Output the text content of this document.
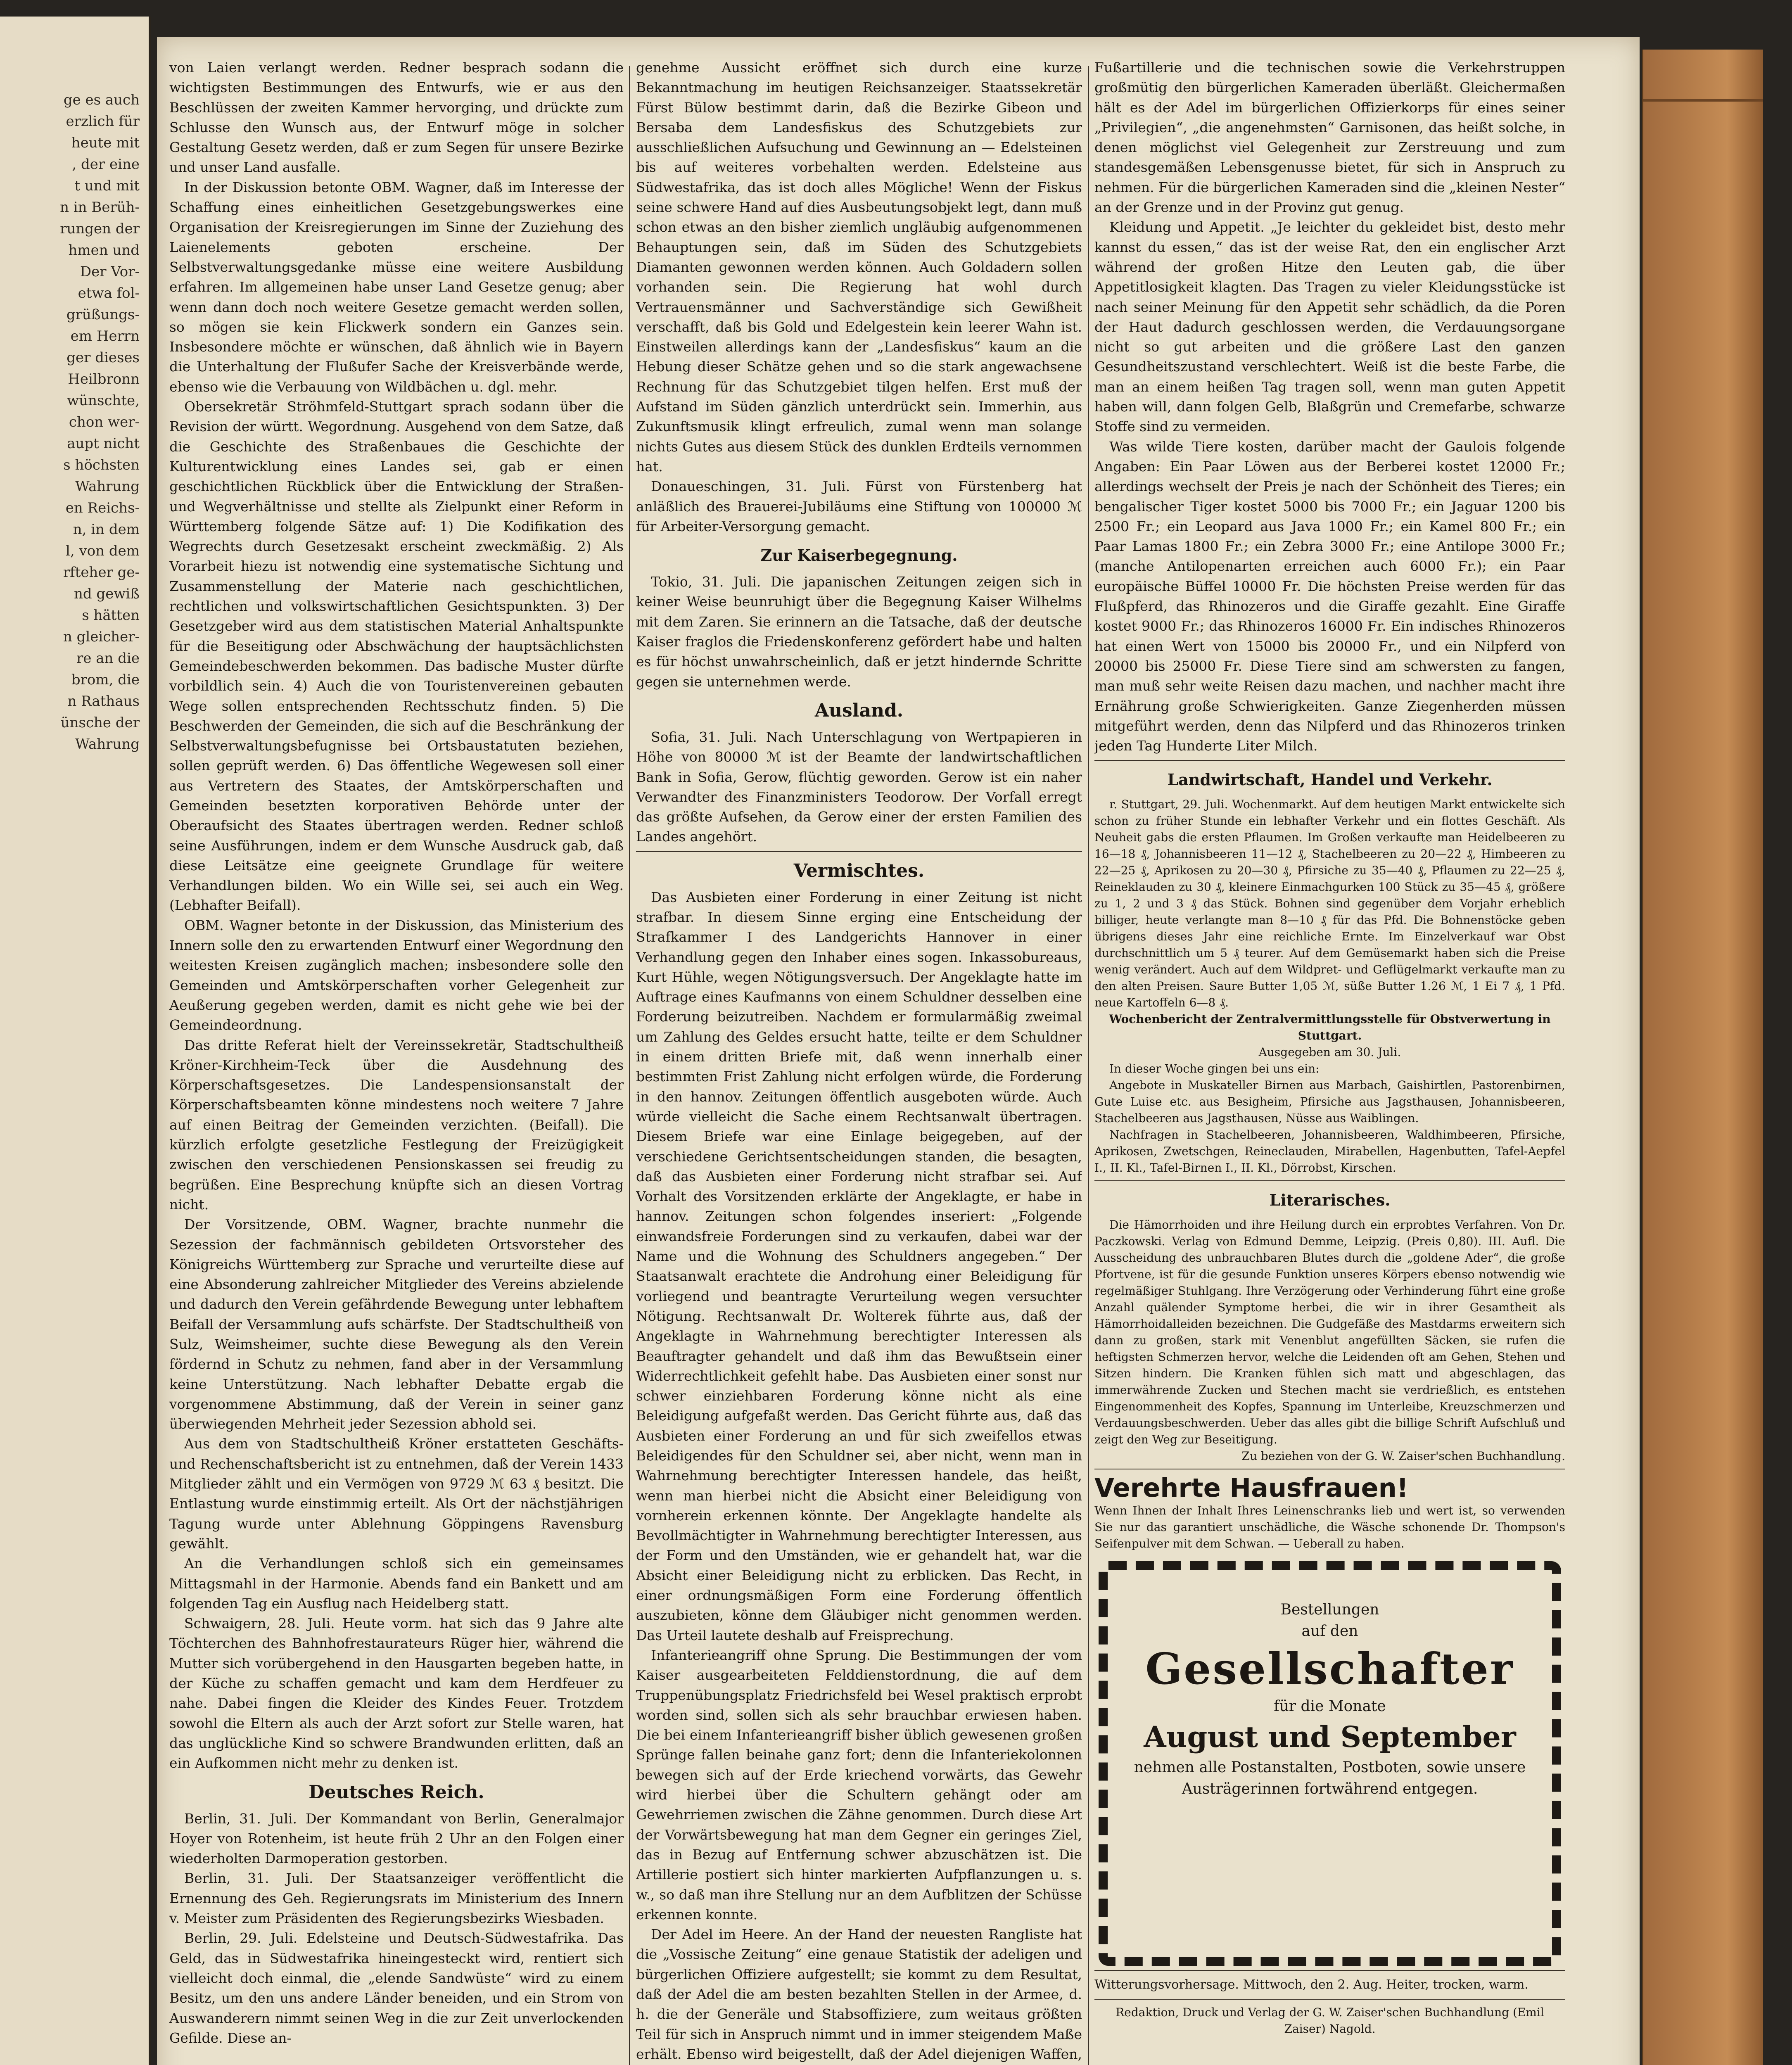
ge es auch
erzlich für
heute mit
, der eine
t und mit
n in Berüh-
rungen der
hmen und
Der Vor-
etwa fol-
grüßungs-
em Herrn
ger dieses
Heilbronn
wünschte,
chon wer-
aupt nicht
s höchsten
Wahrung
en Reichs-
n, in dem
l, von dem
rfteher ge-
nd gewiß
s hätten
n gleicher-
re an die
brom, die
n Rathaus
ünsche der
Wahrung

von Laien verlangt werden. Redner besprach sodann die wichtigsten Bestimmungen des Entwurfs, wie er aus den Beschlüssen der zweiten Kammer hervorging, und drückte zum Schlusse den Wunsch aus, der Entwurf möge in solcher Gestaltung Gesetz werden, daß er zum Segen für unsere Bezirke und unser Land ausfalle.

In der Diskussion betonte OBM. Wagner, daß im Interesse der Schaffung eines einheitlichen Gesetzgebungswerkes eine Organisation der Kreisregierungen im Sinne der Zuziehung des Laienelements geboten erscheine. Der Selbstverwaltungsgedanke müsse eine weitere Ausbildung erfahren. Im allgemeinen habe unser Land Gesetze genug; aber wenn dann doch noch weitere Gesetze gemacht werden sollen, so mögen sie kein Flickwerk sondern ein Ganzes sein. Insbesondere möchte er wünschen, daß ähnlich wie in Bayern die Unterhaltung der Flußufer Sache der Kreisverbände werde, ebenso wie die Verbauung von Wildbächen u. dgl. mehr.

Obersekretär Ströhmfeld-Stuttgart sprach sodann über die Revision der württ. Wegordnung. Ausgehend von dem Satze, daß die Geschichte des Straßenbaues die Geschichte der Kulturentwicklung eines Landes sei, gab er einen geschichtlichen Rückblick über die Entwicklung der Straßen- und Wegverhältnisse und stellte als Zielpunkt einer Reform in Württemberg folgende Sätze auf: 1) Die Kodifikation des Wegrechts durch Gesetzesakt erscheint zweckmäßig. 2) Als Vorarbeit hiezu ist notwendig eine systematische Sichtung und Zusammenstellung der Materie nach geschichtlichen, rechtlichen und volkswirtschaftlichen Gesichtspunkten. 3) Der Gesetzgeber wird aus dem statistischen Material Anhaltspunkte für die Beseitigung oder Abschwächung der hauptsächlichsten Gemeindebeschwerden bekommen. Das badische Muster dürfte vorbildlich sein. 4) Auch die von Touristenvereinen gebauten Wege sollen entsprechenden Rechtsschutz finden. 5) Die Beschwerden der Gemeinden, die sich auf die Beschränkung der Selbstverwaltungsbefugnisse bei Ortsbaustatuten beziehen, sollen geprüft werden. 6) Das öffentliche Wegewesen soll einer aus Vertretern des Staates, der Amtskörperschaften und Gemeinden besetzten korporativen Behörde unter der Oberaufsicht des Staates übertragen werden. Redner schloß seine Ausführungen, indem er dem Wunsche Ausdruck gab, daß diese Leitsätze eine geeignete Grundlage für weitere Verhandlungen bilden. Wo ein Wille sei, sei auch ein Weg. (Lebhafter Beifall).

OBM. Wagner betonte in der Diskussion, das Ministerium des Innern solle den zu erwartenden Entwurf einer Wegordnung den weitesten Kreisen zugänglich machen; insbesondere solle den Gemeinden und Amtskörperschaften vorher Gelegenheit zur Aeußerung gegeben werden, damit es nicht gehe wie bei der Gemeindeordnung.

Das dritte Referat hielt der Vereinssekretär, Stadtschultheiß Kröner-Kirchheim-Teck über die Ausdehnung des Körperschaftsgesetzes. Die Landespensionsanstalt der Körperschaftsbeamten könne mindestens noch weitere 7 Jahre auf einen Beitrag der Gemeinden verzichten. (Beifall). Die kürzlich erfolgte gesetzliche Festlegung der Freizügigkeit zwischen den verschiedenen Pensionskassen sei freudig zu begrüßen. Eine Besprechung knüpfte sich an diesen Vortrag nicht.

Der Vorsitzende, OBM. Wagner, brachte nunmehr die Sezession der fachmännisch gebildeten Ortsvorsteher des Königreichs Württemberg zur Sprache und verurteilte diese auf eine Absonderung zahlreicher Mitglieder des Vereins abzielende und dadurch den Verein gefährdende Bewegung unter lebhaftem Beifall der Versammlung aufs schärfste. Der Stadtschultheiß von Sulz, Weimsheimer, suchte diese Bewegung als den Verein fördernd in Schutz zu nehmen, fand aber in der Versammlung keine Unterstützung. Nach lebhafter Debatte ergab die vorgenommene Abstimmung, daß der Verein in seiner ganz überwiegenden Mehrheit jeder Sezession abhold sei.

Aus dem von Stadtschultheiß Kröner erstatteten Geschäfts- und Rechenschaftsbericht ist zu entnehmen, daß der Verein 1433 Mitglieder zählt und ein Vermögen von 9729 ℳ 63 ₰ besitzt. Die Entlastung wurde einstimmig erteilt. Als Ort der nächstjährigen Tagung wurde unter Ablehnung Göppingens Ravensburg gewählt.

An die Verhandlungen schloß sich ein gemeinsames Mittagsmahl in der Harmonie. Abends fand ein Bankett und am folgenden Tag ein Ausflug nach Heidelberg statt.

Schwaigern, 28. Juli. Heute vorm. hat sich das 9 Jahre alte Töchterchen des Bahnhofrestaurateurs Rüger hier, während die Mutter sich vorübergehend in den Hausgarten begeben hatte, in der Küche zu schaffen gemacht und kam dem Herdfeuer zu nahe. Dabei fingen die Kleider des Kindes Feuer. Trotzdem sowohl die Eltern als auch der Arzt sofort zur Stelle waren, hat das unglückliche Kind so schwere Brandwunden erlitten, daß an ein Aufkommen nicht mehr zu denken ist.

Deutsches Reich.

Berlin, 31. Juli. Der Kommandant von Berlin, Generalmajor Hoyer von Rotenheim, ist heute früh 2 Uhr an den Folgen einer wiederholten Darmoperation gestorben.

Berlin, 31. Juli. Der Staatsanzeiger veröffentlicht die Ernennung des Geh. Regierungsrats im Ministerium des Innern v. Meister zum Präsidenten des Regierungsbezirks Wiesbaden.

Berlin, 29. Juli. Edelsteine und Deutsch-Südwestafrika. Das Geld, das in Südwestafrika hineingesteckt wird, rentiert sich vielleicht doch einmal, die „elende Sandwüste“ wird zu einem Besitz, um den uns andere Länder beneiden, und ein Strom von Auswanderern nimmt seinen Weg in die zur Zeit unverlockenden Gefilde. Diese an-

genehme Aussicht eröffnet sich durch eine kurze Bekanntmachung im heutigen Reichsanzeiger. Staatssekretär Fürst Bülow bestimmt darin, daß die Bezirke Gibeon und Bersaba dem Landesfiskus des Schutzgebiets zur ausschließlichen Aufsuchung und Gewinnung an — Edelsteinen bis auf weiteres vorbehalten werden. Edelsteine aus Südwestafrika, das ist doch alles Mögliche! Wenn der Fiskus seine schwere Hand auf dies Ausbeutungsobjekt legt, dann muß schon etwas an den bisher ziemlich ungläubig aufgenommenen Behauptungen sein, daß im Süden des Schutzgebiets Diamanten gewonnen werden können. Auch Goldadern sollen vorhanden sein. Die Regierung hat wohl durch Vertrauensmänner und Sachverständige sich Gewißheit verschafft, daß bis Gold und Edelgestein kein leerer Wahn ist. Einstweilen allerdings kann der „Landesfiskus“ kaum an die Hebung dieser Schätze gehen und so die stark angewachsene Rechnung für das Schutzgebiet tilgen helfen. Erst muß der Aufstand im Süden gänzlich unterdrückt sein. Immerhin, aus Zukunftsmusik klingt erfreulich, zumal wenn man solange nichts Gutes aus diesem Stück des dunklen Erdteils vernommen hat.

Donaueschingen, 31. Juli. Fürst von Fürstenberg hat anläßlich des Brauerei-Jubiläums eine Stiftung von 100000 ℳ für Arbeiter-Versorgung gemacht.

Zur Kaiserbegegnung.

Tokio, 31. Juli. Die japanischen Zeitungen zeigen sich in keiner Weise beunruhigt über die Begegnung Kaiser Wilhelms mit dem Zaren. Sie erinnern an die Tatsache, daß der deutsche Kaiser fraglos die Friedenskonferenz gefördert habe und halten es für höchst unwahrscheinlich, daß er jetzt hindernde Schritte gegen sie unternehmen werde.

Ausland.

Sofia, 31. Juli. Nach Unterschlagung von Wertpapieren in Höhe von 80000 ℳ ist der Beamte der landwirtschaftlichen Bank in Sofia, Gerow, flüchtig geworden. Gerow ist ein naher Verwandter des Finanzministers Teodorow. Der Vorfall erregt das größte Aufsehen, da Gerow einer der ersten Familien des Landes angehört.

Vermischtes.

Das Ausbieten einer Forderung in einer Zeitung ist nicht strafbar. In diesem Sinne erging eine Entscheidung der Strafkammer I des Landgerichts Hannover in einer Verhandlung gegen den Inhaber eines sogen. Inkassobureaus, Kurt Hühle, wegen Nötigungsversuch. Der Angeklagte hatte im Auftrage eines Kaufmanns von einem Schuldner desselben eine Forderung beizutreiben. Nachdem er formularmäßig zweimal um Zahlung des Geldes ersucht hatte, teilte er dem Schuldner in einem dritten Briefe mit, daß wenn innerhalb einer bestimmten Frist Zahlung nicht erfolgen würde, die Forderung in den hannov. Zeitungen öffentlich ausgeboten würde. Auch würde vielleicht die Sache einem Rechtsanwalt übertragen. Diesem Briefe war eine Einlage beigegeben, auf der verschiedene Gerichtsentscheidungen standen, die besagten, daß das Ausbieten einer Forderung nicht strafbar sei. Auf Vorhalt des Vorsitzenden erklärte der Angeklagte, er habe in hannov. Zeitungen schon folgendes inseriert: „Folgende einwandsfreie Forderungen sind zu verkaufen, dabei war der Name und die Wohnung des Schuldners angegeben.“ Der Staatsanwalt erachtete die Androhung einer Beleidigung für vorliegend und beantragte Verurteilung wegen versuchter Nötigung. Rechtsanwalt Dr. Wolterek führte aus, daß der Angeklagte in Wahrnehmung berechtigter Interessen als Beauftragter gehandelt und daß ihm das Bewußtsein einer Widerrechtlichkeit gefehlt habe. Das Ausbieten einer sonst nur schwer einziehbaren Forderung könne nicht als eine Beleidigung aufgefaßt werden. Das Gericht führte aus, daß das Ausbieten einer Forderung an und für sich zweifellos etwas Beleidigendes für den Schuldner sei, aber nicht, wenn man in Wahrnehmung berechtigter Interessen handele, das heißt, wenn man hierbei nicht die Absicht einer Beleidigung von vornherein erkennen könnte. Der Angeklagte handelte als Bevollmächtigter in Wahrnehmung berechtigter Interessen, aus der Form und den Umständen, wie er gehandelt hat, war die Absicht einer Beleidigung nicht zu erblicken. Das Recht, in einer ordnungsmäßigen Form eine Forderung öffentlich auszubieten, könne dem Gläubiger nicht genommen werden. Das Urteil lautete deshalb auf Freisprechung.

Infanterieangriff ohne Sprung. Die Bestimmungen der vom Kaiser ausgearbeiteten Felddienstordnung, die auf dem Truppenübungsplatz Friedrichsfeld bei Wesel praktisch erprobt worden sind, sollen sich als sehr brauchbar erwiesen haben. Die bei einem Infanterieangriff bisher üblich gewesenen großen Sprünge fallen beinahe ganz fort; denn die Infanteriekolonnen bewegen sich auf der Erde kriechend vorwärts, das Gewehr wird hierbei über die Schultern gehängt oder am Gewehrriemen zwischen die Zähne genommen. Durch diese Art der Vorwärtsbewegung hat man dem Gegner ein geringes Ziel, das in Bezug auf Entfernung schwer abzuschätzen ist. Die Artillerie postiert sich hinter markierten Aufpflanzungen u. s. w., so daß man ihre Stellung nur an dem Aufblitzen der Schüsse erkennen konnte.

Der Adel im Heere. An der Hand der neuesten Rangliste hat die „Vossische Zeitung“ eine genaue Statistik der adeligen und bürgerlichen Offiziere aufgestellt; sie kommt zu dem Resultat, daß der Adel die am besten bezahlten Stellen in der Armee, d. h. die der Generäle und Stabsoffiziere, zum weitaus größten Teil für sich in Anspruch nimmt und in immer steigendem Maße erhält. Ebenso wird beigestellt, daß der Adel diejenigen Waffen,

Fußartillerie und die technischen sowie die Verkehrstruppen großmütig den bürgerlichen Kameraden überläßt. Gleichermaßen hält es der Adel im bürgerlichen Offizierkorps für eines seiner „Privilegien“, „die angenehmsten“ Garnisonen, das heißt solche, in denen möglichst viel Gelegenheit zur Zerstreuung und zum standesgemäßen Lebensgenusse bietet, für sich in Anspruch zu nehmen. Für die bürgerlichen Kameraden sind die „kleinen Nester“ an der Grenze und in der Provinz gut genug.

Kleidung und Appetit. „Je leichter du gekleidet bist, desto mehr kannst du essen,“ das ist der weise Rat, den ein englischer Arzt während der großen Hitze den Leuten gab, die über Appetitlosigkeit klagten. Das Tragen zu vieler Kleidungsstücke ist nach seiner Meinung für den Appetit sehr schädlich, da die Poren der Haut dadurch geschlossen werden, die Verdauungsorgane nicht so gut arbeiten und die größere Last den ganzen Gesundheitszustand verschlechtert. Weiß ist die beste Farbe, die man an einem heißen Tag tragen soll, wenn man guten Appetit haben will, dann folgen Gelb, Blaßgrün und Cremefarbe, schwarze Stoffe sind zu vermeiden.

Was wilde Tiere kosten, darüber macht der Gaulois folgende Angaben: Ein Paar Löwen aus der Berberei kostet 12000 Fr.; allerdings wechselt der Preis je nach der Schönheit des Tieres; ein bengalischer Tiger kostet 5000 bis 7000 Fr.; ein Jaguar 1200 bis 2500 Fr.; ein Leopard aus Java 1000 Fr.; ein Kamel 800 Fr.; ein Paar Lamas 1800 Fr.; ein Zebra 3000 Fr.; eine Antilope 3000 Fr.; (manche Antilopenarten erreichen auch 6000 Fr.); ein Paar europäische Büffel 10000 Fr. Die höchsten Preise werden für das Flußpferd, das Rhinozeros und die Giraffe gezahlt. Eine Giraffe kostet 9000 Fr.; das Rhinozeros 16000 Fr. Ein indisches Rhinozeros hat einen Wert von 15000 bis 20000 Fr., und ein Nilpferd von 20000 bis 25000 Fr. Diese Tiere sind am schwersten zu fangen, man muß sehr weite Reisen dazu machen, und nachher macht ihre Ernährung große Schwierigkeiten. Ganze Ziegenherden müssen mitgeführt werden, denn das Nilpferd und das Rhinozeros trinken jeden Tag Hunderte Liter Milch.

Landwirtschaft, Handel und Verkehr.

r. Stuttgart, 29. Juli. Wochenmarkt. Auf dem heutigen Markt entwickelte sich schon zu früher Stunde ein lebhafter Verkehr und ein flottes Geschäft. Als Neuheit gabs die ersten Pflaumen. Im Großen verkaufte man Heidelbeeren zu 16—18 ₰, Johannisbeeren 11—12 ₰, Stachelbeeren zu 20—22 ₰, Himbeeren zu 22—25 ₰, Aprikosen zu 20—30 ₰, Pfirsiche zu 35—40 ₰, Pflaumen zu 22—25 ₰, Reineklauden zu 30 ₰, kleinere Einmachgurken 100 Stück zu 35—45 ₰, größere zu 1, 2 und 3 ₰ das Stück. Bohnen sind gegenüber dem Vorjahr erheblich billiger, heute verlangte man 8—10 ₰ für das Pfd. Die Bohnenstöcke geben übrigens dieses Jahr eine reichliche Ernte. Im Einzelverkauf war Obst durchschnittlich um 5 ₰ teurer. Auf dem Gemüsemarkt haben sich die Preise wenig verändert. Auch auf dem Wildpret- und Geflügelmarkt verkaufte man zu den alten Preisen. Saure Butter 1,05 ℳ, süße Butter 1.26 ℳ, 1 Ei 7 ₰, 1 Pfd. neue Kartoffeln 6—8 ₰.

Wochenbericht der Zentralvermittlungsstelle für Obstverwertung in Stuttgart.

Ausgegeben am 30. Juli.

In dieser Woche gingen bei uns ein:

Angebote in Muskateller Birnen aus Marbach, Gaishirtlen, Pastorenbirnen, Gute Luise etc. aus Besigheim, Pfirsiche aus Jagsthausen, Johannisbeeren, Stachelbeeren aus Jagsthausen, Nüsse aus Waiblingen.

Nachfragen in Stachelbeeren, Johannisbeeren, Waldhimbeeren, Pfirsiche, Aprikosen, Zwetschgen, Reineclauden, Mirabellen, Hagenbutten, Tafel-Aepfel I., II. Kl., Tafel-Birnen I., II. Kl., Dörrobst, Kirschen.

Literarisches.

Die Hämorrhoiden und ihre Heilung durch ein erprobtes Verfahren. Von Dr. Paczkowski. Verlag von Edmund Demme, Leipzig. (Preis 0,80). III. Aufl. Die Ausscheidung des unbrauchbaren Blutes durch die „goldene Ader“, die große Pfortvene, ist für die gesunde Funktion unseres Körpers ebenso notwendig wie regelmäßiger Stuhlgang. Ihre Verzögerung oder Verhinderung führt eine große Anzahl quälender Symptome herbei, die wir in ihrer Gesamtheit als Hämorrhoidalleiden bezeichnen. Die Gudgefäße des Mastdarms erweitern sich dann zu großen, stark mit Venenblut angefüllten Säcken, sie rufen die heftigsten Schmerzen hervor, welche die Leidenden oft am Gehen, Stehen und Sitzen hindern. Die Kranken fühlen sich matt und abgeschlagen, das immerwährende Zucken und Stechen macht sie verdrießlich, es entstehen Eingenommenheit des Kopfes, Spannung im Unterleibe, Kreuzschmerzen und Verdauungsbeschwerden. Ueber das alles gibt die billige Schrift Aufschluß und zeigt den Weg zur Beseitigung.

Zu beziehen von der G. W. Zaiser'schen Buchhandlung.

Verehrte Hausfrauen!
Wenn Ihnen der Inhalt Ihres Leinenschranks lieb und wert ist, so verwenden Sie nur das garantiert unschädliche, die Wäsche schonende Dr. Thompson's Seifenpulver mit dem Schwan. — Ueberall zu haben.
Bestellungen
auf den
Gesellschafter
für die Monate
August und September
nehmen alle Postanstalten, Postboten, sowie unsere Austrägerinnen fortwährend entgegen.

Witterungsvorhersage. Mittwoch, den 2. Aug. Heiter, trocken, warm.

Redaktion, Druck und Verlag der G. W. Zaiser'schen Buchhandlung (Emil Zaiser) Nagold.
